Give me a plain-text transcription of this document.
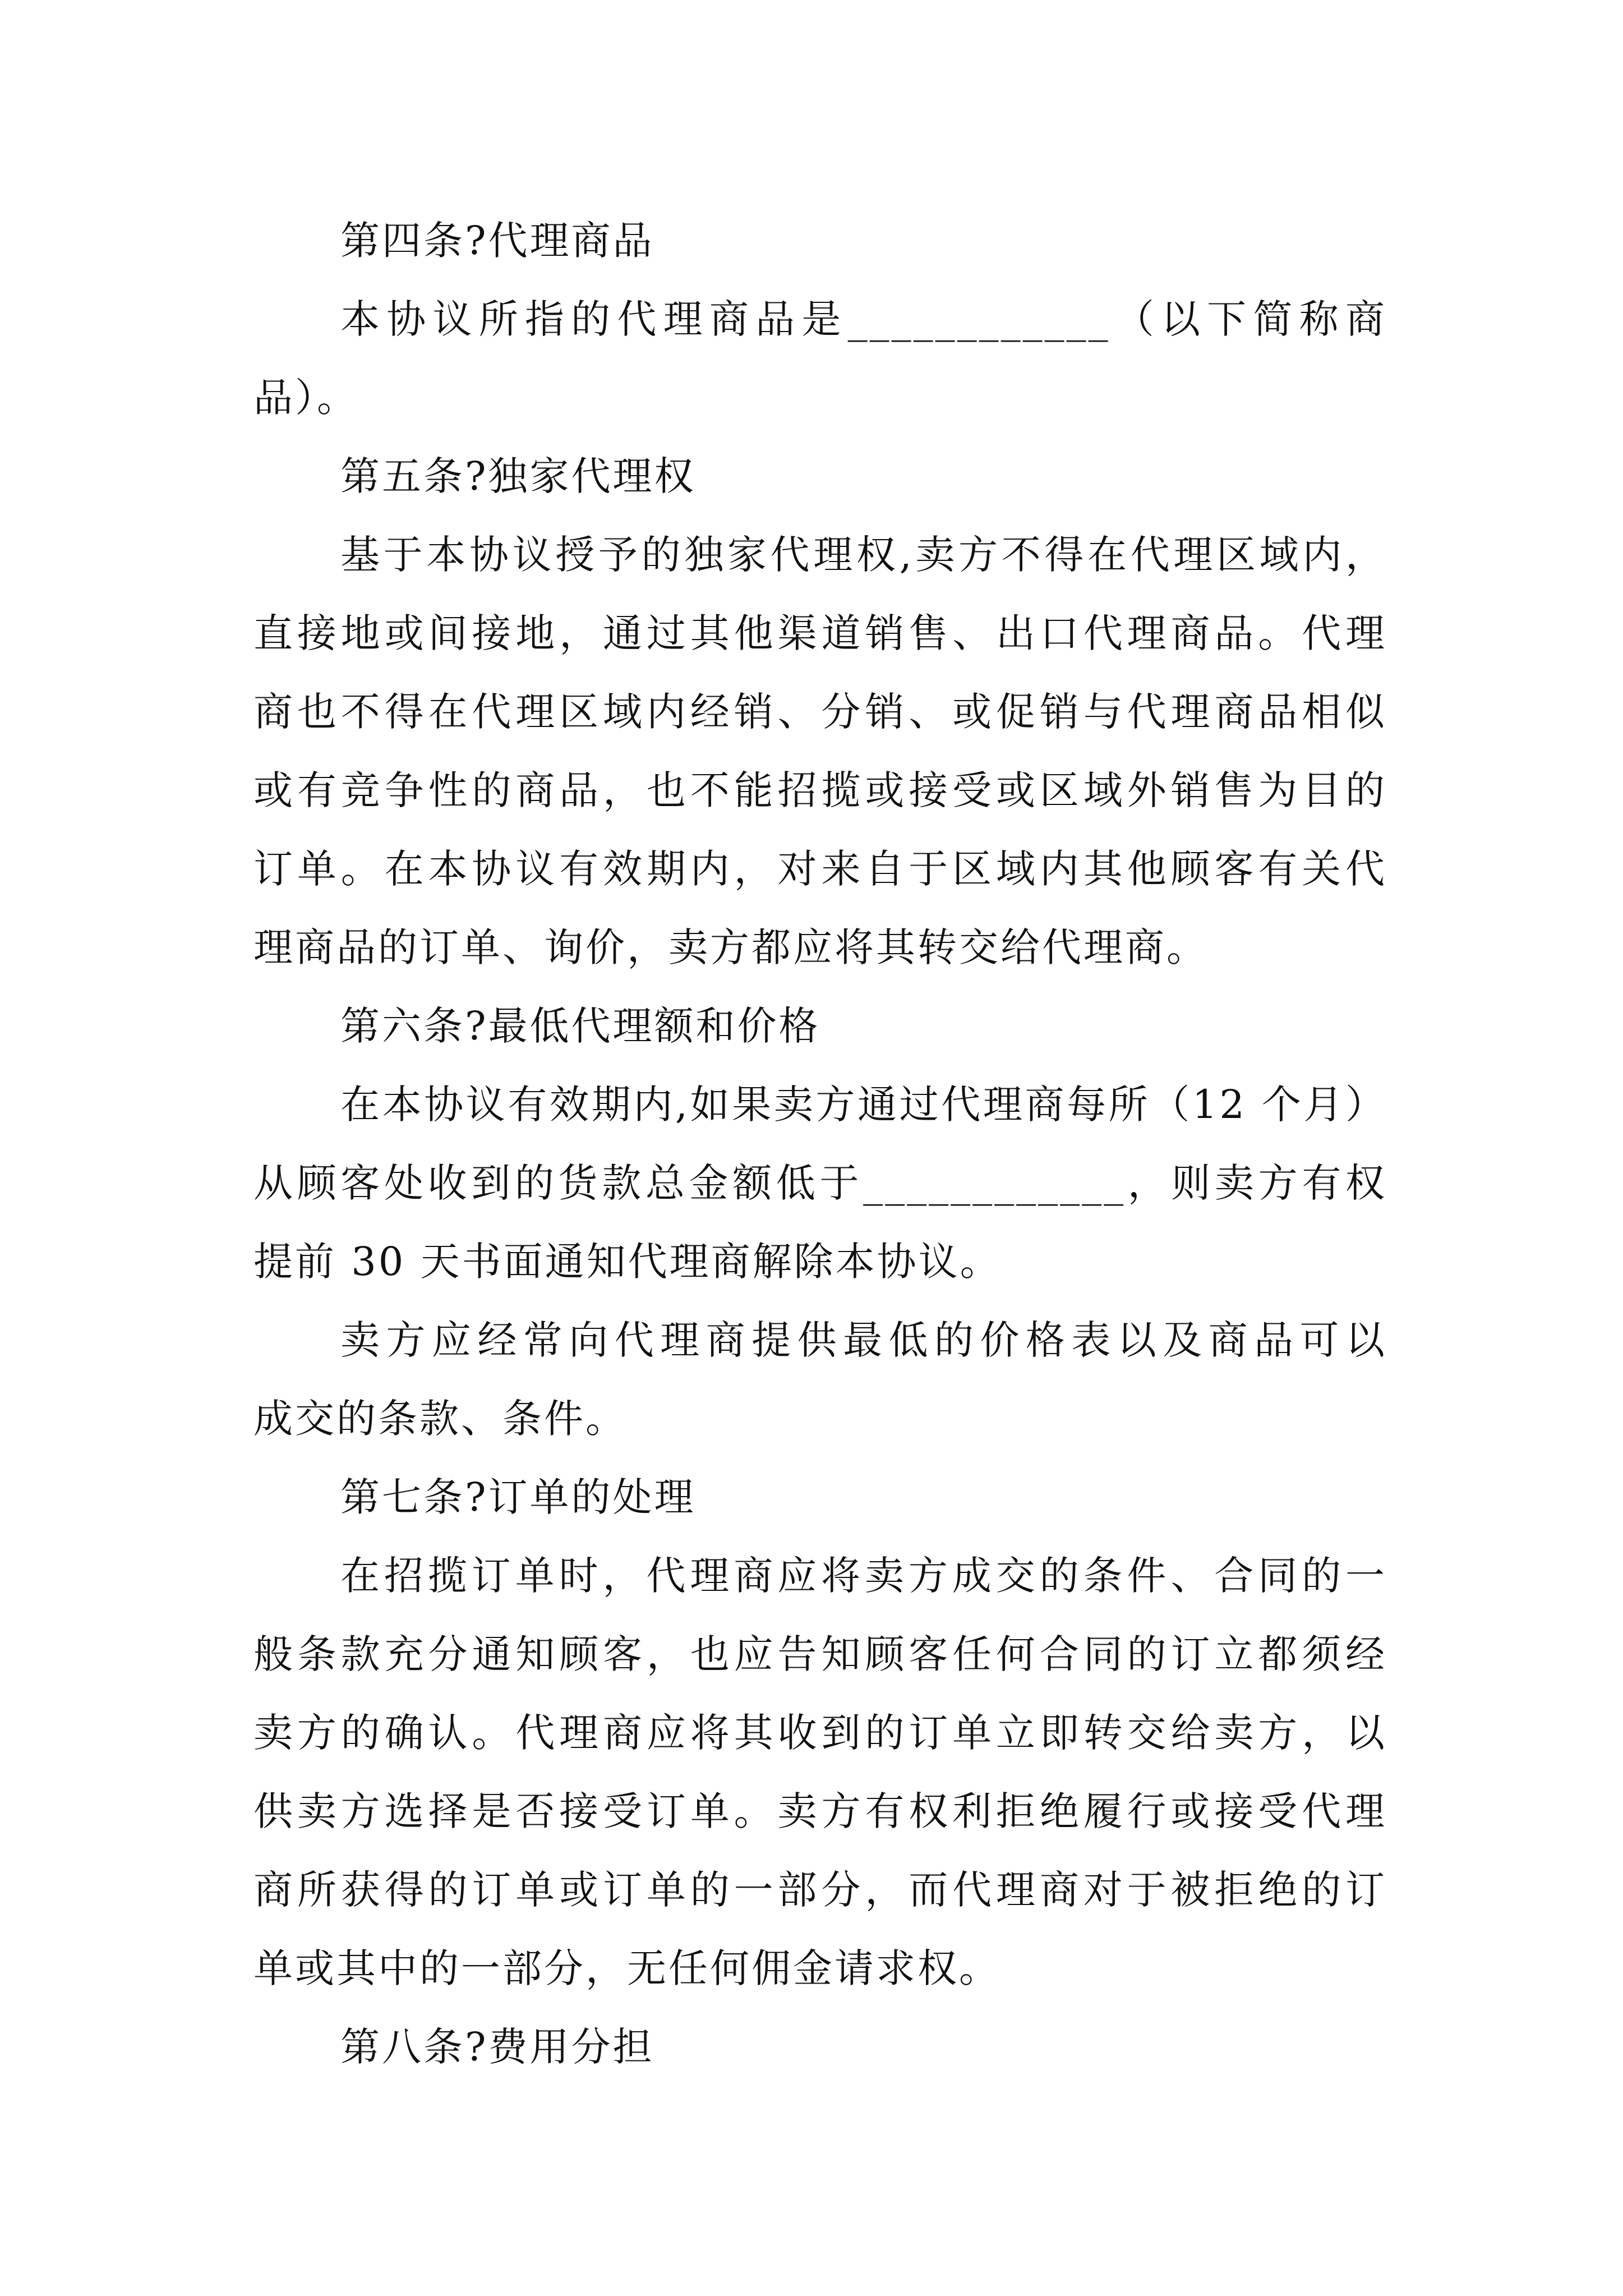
第四条?代理商品
本协议所指的代理商品是____________（以下简称商
品）。
第五条?独家代理权
基于本协议授予的独家代理权,卖方不得在代理区域内，
直接地或间接地，通过其他渠道销售、出口代理商品。代理
商也不得在代理区域内经销、分销、或促销与代理商品相似
或有竞争性的商品，也不能招揽或接受或区域外销售为目的
订单。在本协议有效期内，对来自于区域内其他顾客有关代
理商品的订单、询价，卖方都应将其转交给代理商。
第六条?最低代理额和价格
在本协议有效期内,如果卖方通过代理商每所（12 个月）
从顾客处收到的货款总金额低于____________，则卖方有权
提前 30 天书面通知代理商解除本协议。
卖方应经常向代理商提供最低的价格表以及商品可以
成交的条款、条件。
第七条?订单的处理
在招揽订单时，代理商应将卖方成交的条件、合同的一
般条款充分通知顾客，也应告知顾客任何合同的订立都须经
卖方的确认。代理商应将其收到的订单立即转交给卖方，以
供卖方选择是否接受订单。卖方有权利拒绝履行或接受代理
商所获得的订单或订单的一部分，而代理商对于被拒绝的订
单或其中的一部分，无任何佣金请求权。
第八条?费用分担
